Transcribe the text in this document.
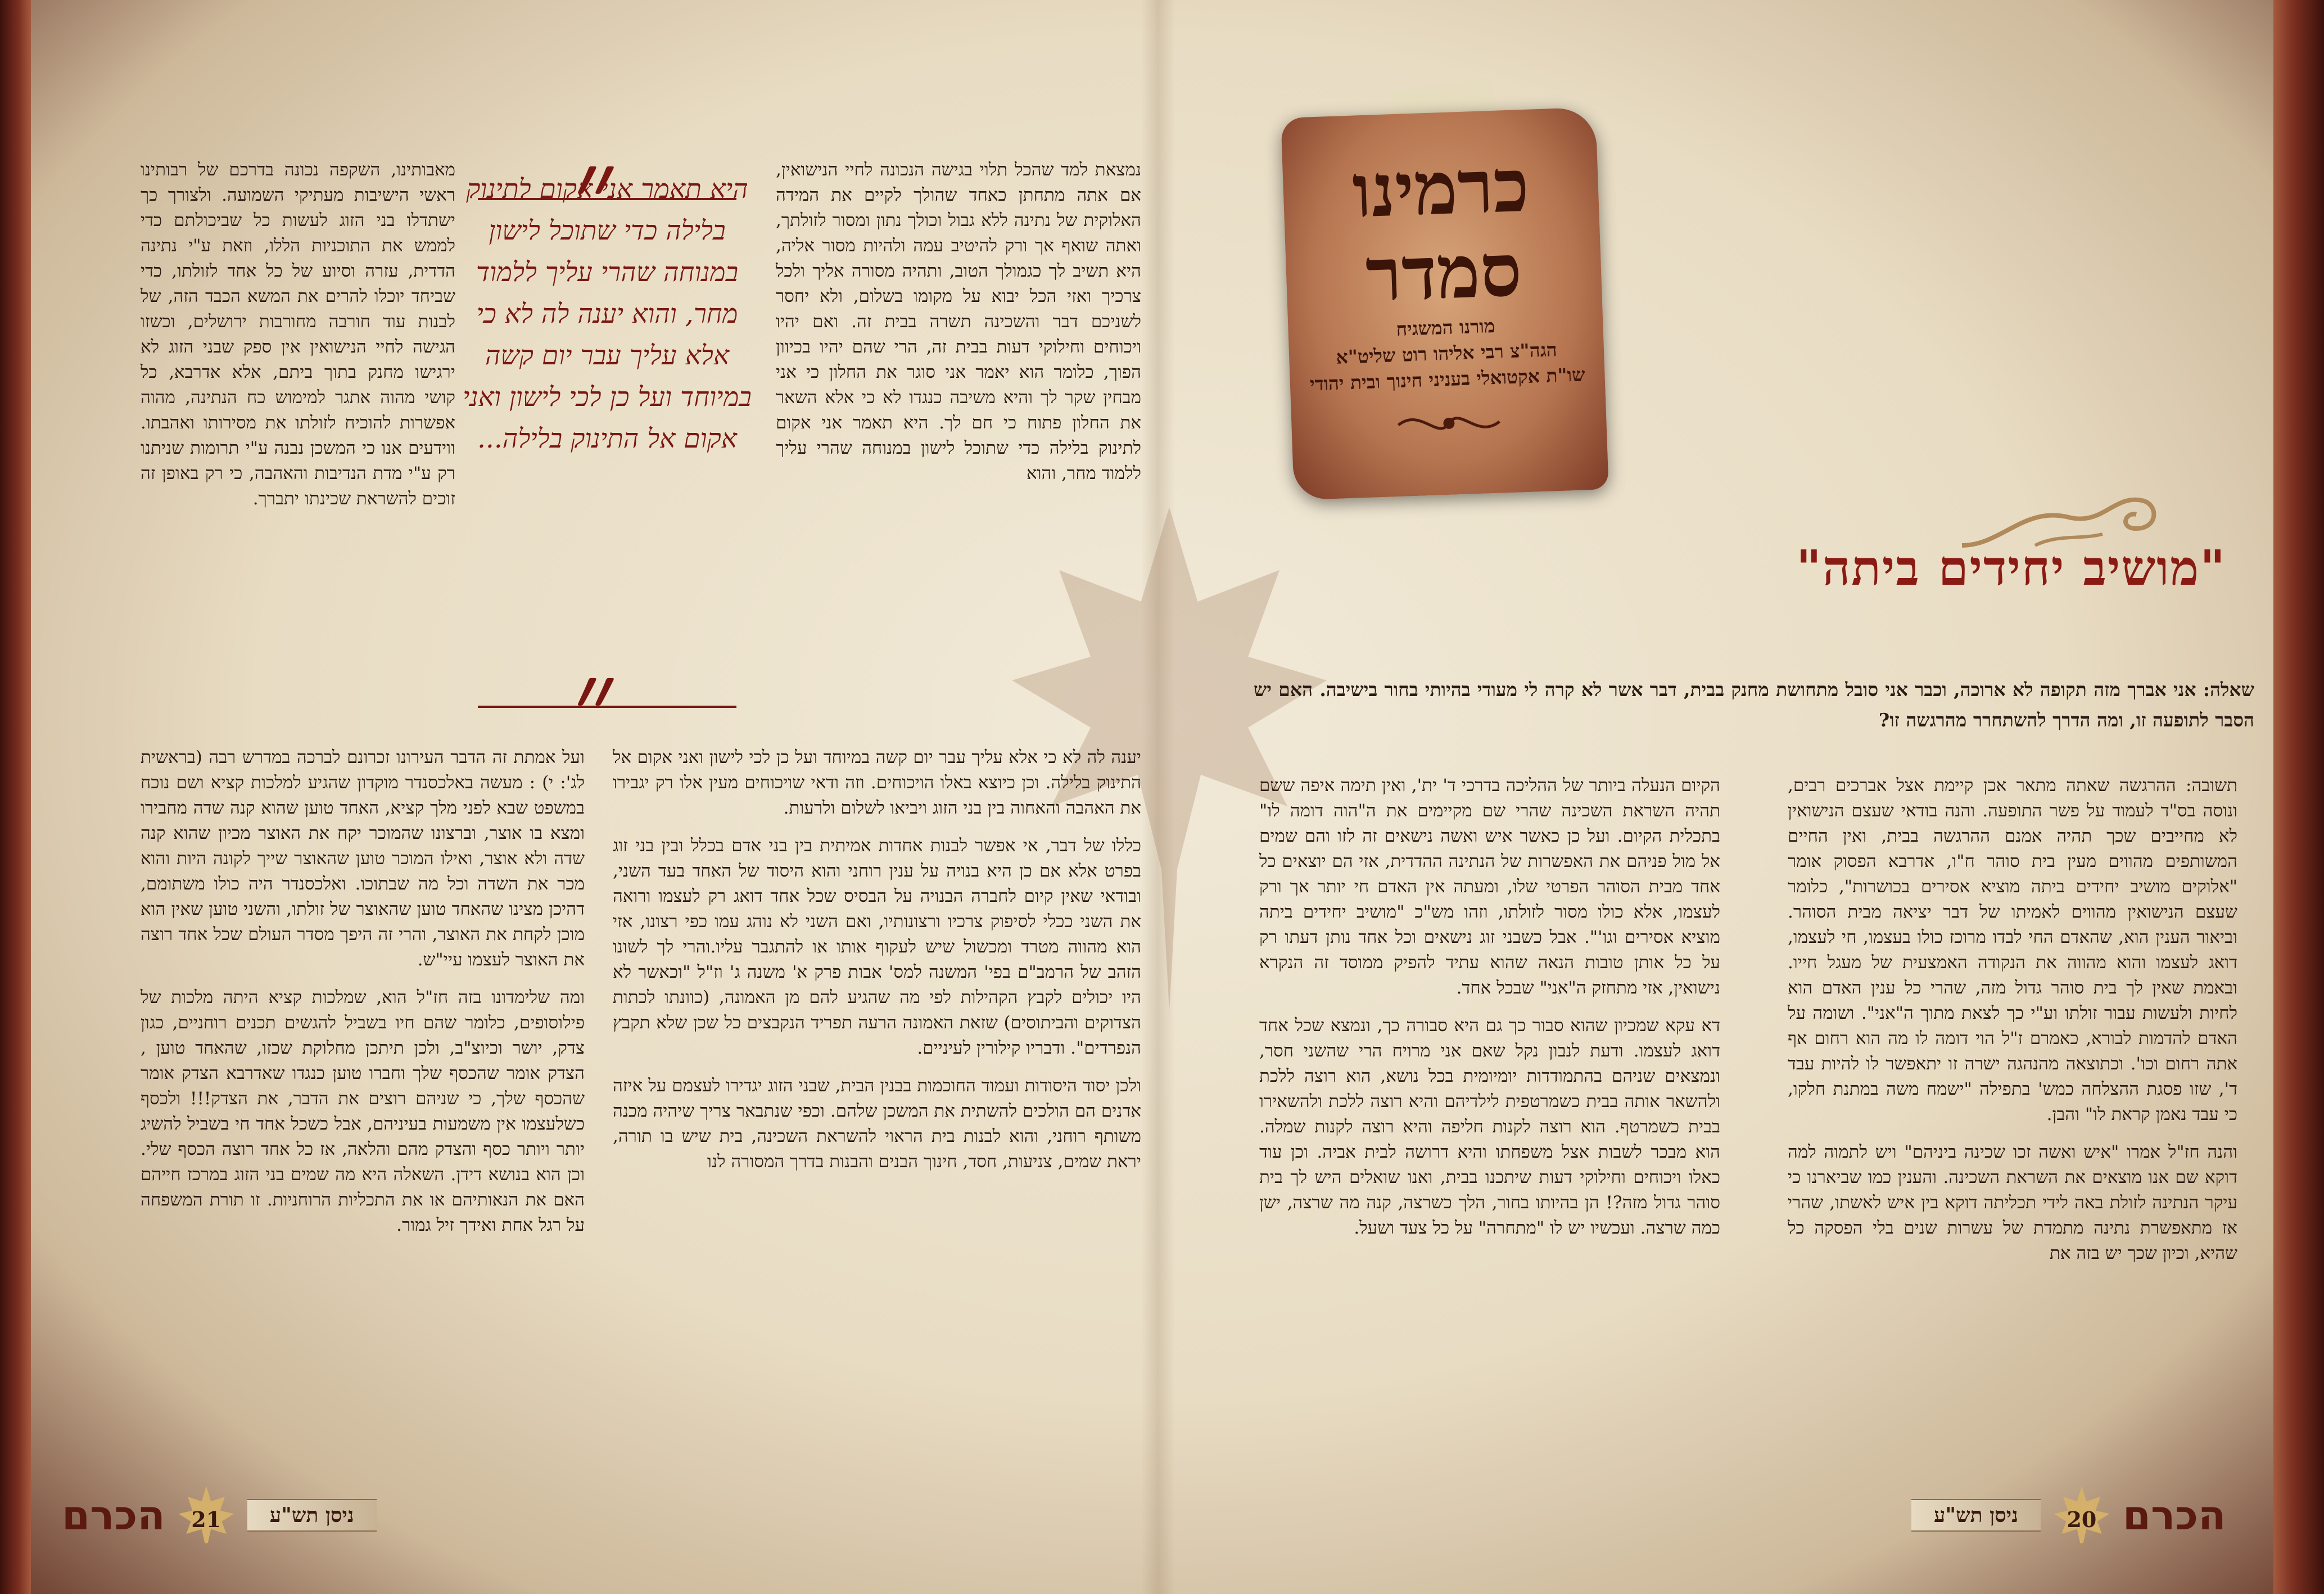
כרמינו
סמדר
מורנו המשגיח
הגה"צ רבי אליהו רוט שליט"א
שו"ת אקטואלי בעניני חינוך ובית יהודי
"מושיב יחידים ביתה"
שאלה: אני אברך מזה תקופה לא ארוכה, וכבר אני סובל מתחושת מחנק בבית, דבר אשר לא קרה לי מעודי בהיותי בחור בישיבה. האם יש הסבר לתופעה זו, ומה הדרך להשתחרר מהרגשה זו?

תשובה: ההרגשה שאתה מתאר אכן קיימת אצל אברכים רבים, ונוסה בס"ד לעמוד על פשר התופעה. והנה בודאי שעצם הנישואין לא מחייבים שכך תהיה אמנם ההרגשה בבית, ואין החיים המשותפים מהווים מעין בית סוהר ח"ו, אדרבא הפסוק אומר "אלוקים מושיב יחידים ביתה מוציא אסירים בכושרות", כלומר שעצם הנישואין מהווים לאמיתו של דבר יציאה מבית הסוהר. וביאור הענין הוא, שהאדם החי לבדו מרוכז כולו בעצמו, חי לעצמו, דואג לעצמו והוא מהווה את הנקודה האמצעית של מעגל חייו. ובאמת שאין לך בית סוהר גדול מזה, שהרי כל ענין האדם הוא לחיות ולעשות עבור זולתו וע"י כך לצאת מתוך ה"אני". ושומה על האדם להדמות לבורא, כאמרם ז"ל הוי דומה לו מה הוא רחום אף אתה רחום וכו'. וכתוצאה מהנהגה ישרה זו יתאפשר לו להיות עבד ד', שזו פסגת ההצלחה כמש' בתפילה "ישמח משה במתנת חלקו, כי עבד נאמן קראת לו" והבן.

והנה חז"ל אמרו "איש ואשה זכו שכינה ביניהם" ויש לתמוה למה דוקא שם אנו מוצאים את השראת השכינה. והענין כמו שביארנו כי עיקר הנתינה לזולת באה לידי תכליתה דוקא בין איש לאשתו, שהרי אז מתאפשרת נתינה מתמדת של עשרות שנים בלי הפסקה כל שהיא, וכיון שכך יש בזה את

הקיום הנעלה ביותר של ההליכה בדרכי ד' ית', ואין תימה איפה ששם תהיה השראת השכינה שהרי שם מקיימים את ה"הוה דומה לו" בתכלית הקיום. ועל כן כאשר איש ואשה נישאים זה לזו והם שמים אל מול פניהם את האפשרות של הנתינה ההדדית, אזי הם יוצאים כל אחד מבית הסוהר הפרטי שלו, ומעתה אין האדם חי יותר אך ורק לעצמו, אלא כולו מסור לזולתו, וזהו מש"כ "מושיב יחידים ביתה מוציא אסירים וגו'". אבל כשבני זוג נישאים וכל אחד נותן דעתו רק על כל אותן טובות הנאה שהוא עתיד להפיק ממוסד זה הנקרא נישואין, אזי מתחזק ה"אני" שבכל אחד.

דא עקא שמכיון שהוא סבור כך גם היא סבורה כך, ונמצא שכל אחד דואג לעצמו. ודעת לנבון נקל שאם אני מרויח הרי שהשני חסר, ונמצאים שניהם בהתמודדות יומיומית בכל נושא, הוא רוצה ללכת ולהשאר אותה בבית כשמרטפית לילדיהם והיא רוצה ללכת ולהשאירו בבית כשמרטף. הוא רוצה לקנות חליפה והיא רוצה לקנות שמלה. הוא מבכר לשבות אצל משפחתו והיא דרושה לבית אביה. וכן עוד כאלו ויכוחים וחילוקי דעות שיתכנו בבית, ואנו שואלים היש לך בית סוהר גדול מזה?! הן בהיותו בחור, הלך כשרצה, קנה מה שרצה, ישן כמה שרצה. ועכשיו יש לו "מתחרה" על כל צעד ושעל.

״
היא תאמר אני אקום לתינוק בלילה כדי שתוכל לישון במנוחה שהרי עליך ללמוד מחר, והוא יענה לה לא כי אלא עליך עבר יום קשה במיוחד ועל כן לכי לישון ואני אקום אל התינוק בלילה...
״

נמצאת למד שהכל תלוי בגישה הנכונה לחיי הנישואין, אם אתה מתחתן כאחד שהולך לקיים את המידה האלוקית של נתינה ללא גבול וכולך נתון ומסור לזולתך, ואתה שואף אך ורק להיטיב עמה ולהיות מסור אליה, היא תשיב לך כגמולך הטוב, ותהיה מסורה אליך ולכל צרכיך ואזי הכל יבוא על מקומו בשלום, ולא יחסר לשניכם דבר והשכינה תשרה בבית זה. ואם יהיו ויכוחים וחילוקי דעות בבית זה, הרי שהם יהיו בכיוון הפוך, כלומר הוא יאמר אני סוגר את החלון כי אני מבחין שקר לך והיא משיבה כנגדו לא כי אלא השאר את החלון פתוח כי חם לך. היא תאמר אני אקום לתינוק בלילה כדי שתוכל לישון במנוחה שהרי עליך ללמוד מחר, והוא

יענה לה לא כי אלא עליך עבר יום קשה במיוחד ועל כן לכי לישון ואני אקום אל התינוק בלילה. וכן כיוצא באלו הויכוחים. וזה ודאי שויכוחים מעין אלו רק יגבירו את האהבה והאחוה בין בני הזוג ויביאו לשלום ולרעות.

כללו של דבר, אי אפשר לבנות אחדות אמיתית בין בני אדם בכלל ובין בני זוג בפרט אלא אם כן היא בנויה על ענין רוחני והוא היסוד של האחד בעד השני, ובודאי שאין קיום לחברה הבנויה על הבסיס שכל אחד דואג רק לעצמו ורואה את השני ככלי לסיפוק צרכיו ורצונותיו, ואם השני לא נוהג עמו כפי רצונו, אזי הוא מהווה מטרד ומכשול שיש לעקוף אותו או להתגבר עליו.והרי לך לשונו הזהב של הרמב"ם בפי' המשנה למס' אבות פרק א' משנה ג' וז"ל "וכאשר לא היו יכולים לקבץ הקהילות לפי מה שהגיע להם מן האמונה, (כוונתו לכתות הצדוקים והביתוסים) שזאת האמונה הרעה תפריד הנקבצים כל שכן שלא תקבץ הנפרדים". ודבריו קילורין לעיניים.

ולכן יסוד היסודות ועמוד החוכמות בבנין הבית, שבני הזוג יגדירו לעצמם על איזה אדנים הם הולכים להשתית את המשכן שלהם. וכפי שנתבאר צריך שיהיה מכנה משותף רוחני, והוא לבנות בית הראוי להשראת השכינה, בית שיש בו תורה, יראת שמים, צניעות, חסד, חינוך הבנים והבנות בדרך המסורה לנו

מאבותינו, השקפה נכונה בדרכם של רבותינו ראשי הישיבות מעתיקי השמועה. ולצורך כך ישתדלו בני הזוג לעשות כל שביכולתם כדי לממש את התוכניות הללו, וזאת ע"י נתינה הדדית, עזרה וסיוע של כל אחד לזולתו, כדי שביחד יוכלו להרים את המשא הכבד הזה, של לבנות עוד חורבה מחורבות ירושלים, וכשזו הגישה לחיי הנישואין אין ספק שבני הזוג לא ירגישו מחנק בתוך ביתם, אלא אדרבא, כל קושי מהוה אתגר למימוש כח הנתינה, מהוה אפשרות להוכיח לזולתו את מסירותו ואהבתו. ווידעים אנו כי המשכן נבנה ע"י תרומות שניתנו רק ע"י מדת הנדיבות והאהבה, כי רק באופן זה זוכים להשראת שכינתו יתברך.

ועל אמתת זה הדבר העירונו זכרונם לברכה במדרש רבה (בראשית לג': י) : מעשה באלכסנדר מוקדון שהגיע למלכות קציא ושם נוכח במשפט שבא לפני מלך קציא, האחד טוען שהוא קנה שדה מחבירו ומצא בו אוצר, וברצונו שהמוכר יקח את האוצר מכיון שהוא קנה שדה ולא אוצר, ואילו המוכר טוען שהאוצר שייך לקונה היות והוא מכר את השדה וכל מה שבתוכו. ואלכסנדר היה כולו משתומם, דהיכן מצינו שהאחד טוען שהאוצר של זולתו, והשני טוען שאין הוא מוכן לקחת את האוצר, והרי זה היפך מסדר העולם שכל אחד רוצה את האוצר לעצמו עיי"ש.

ומה שלימדונו בזה חז"ל הוא, שמלכות קציא היתה מלכות של פילוסופים, כלומר שהם חיו בשביל להגשים תכנים רוחניים, כגון צדק, יושר וכיוצ"ב, ולכן תיתכן מחלוקת שכזו, שהאחד טוען , הצדק אומר שהכסף שלך וחברו טוען כנגדו שאדרבא הצדק אומר שהכסף שלך, כי שניהם רוצים את הדבר, את הצדק!!! ולכסף כשלעצמו אין משמעות בעיניהם, אבל כשכל אחד חי בשביל להשיג יותר ויותר כסף והצדק מהם והלאה, אז כל אחד רוצה הכסף שלי. וכן הוא בנושא דידן. השאלה היא מה שמים בני הזוג במרכז חייהם האם את הנאותיהם או את התכליות הרוחניות. זו תורת המשפחה על רגל אחת ואידך זיל גמור.

הכרם	21	ניסן תש"ע	ניסן תש"ע	20 הכרם
